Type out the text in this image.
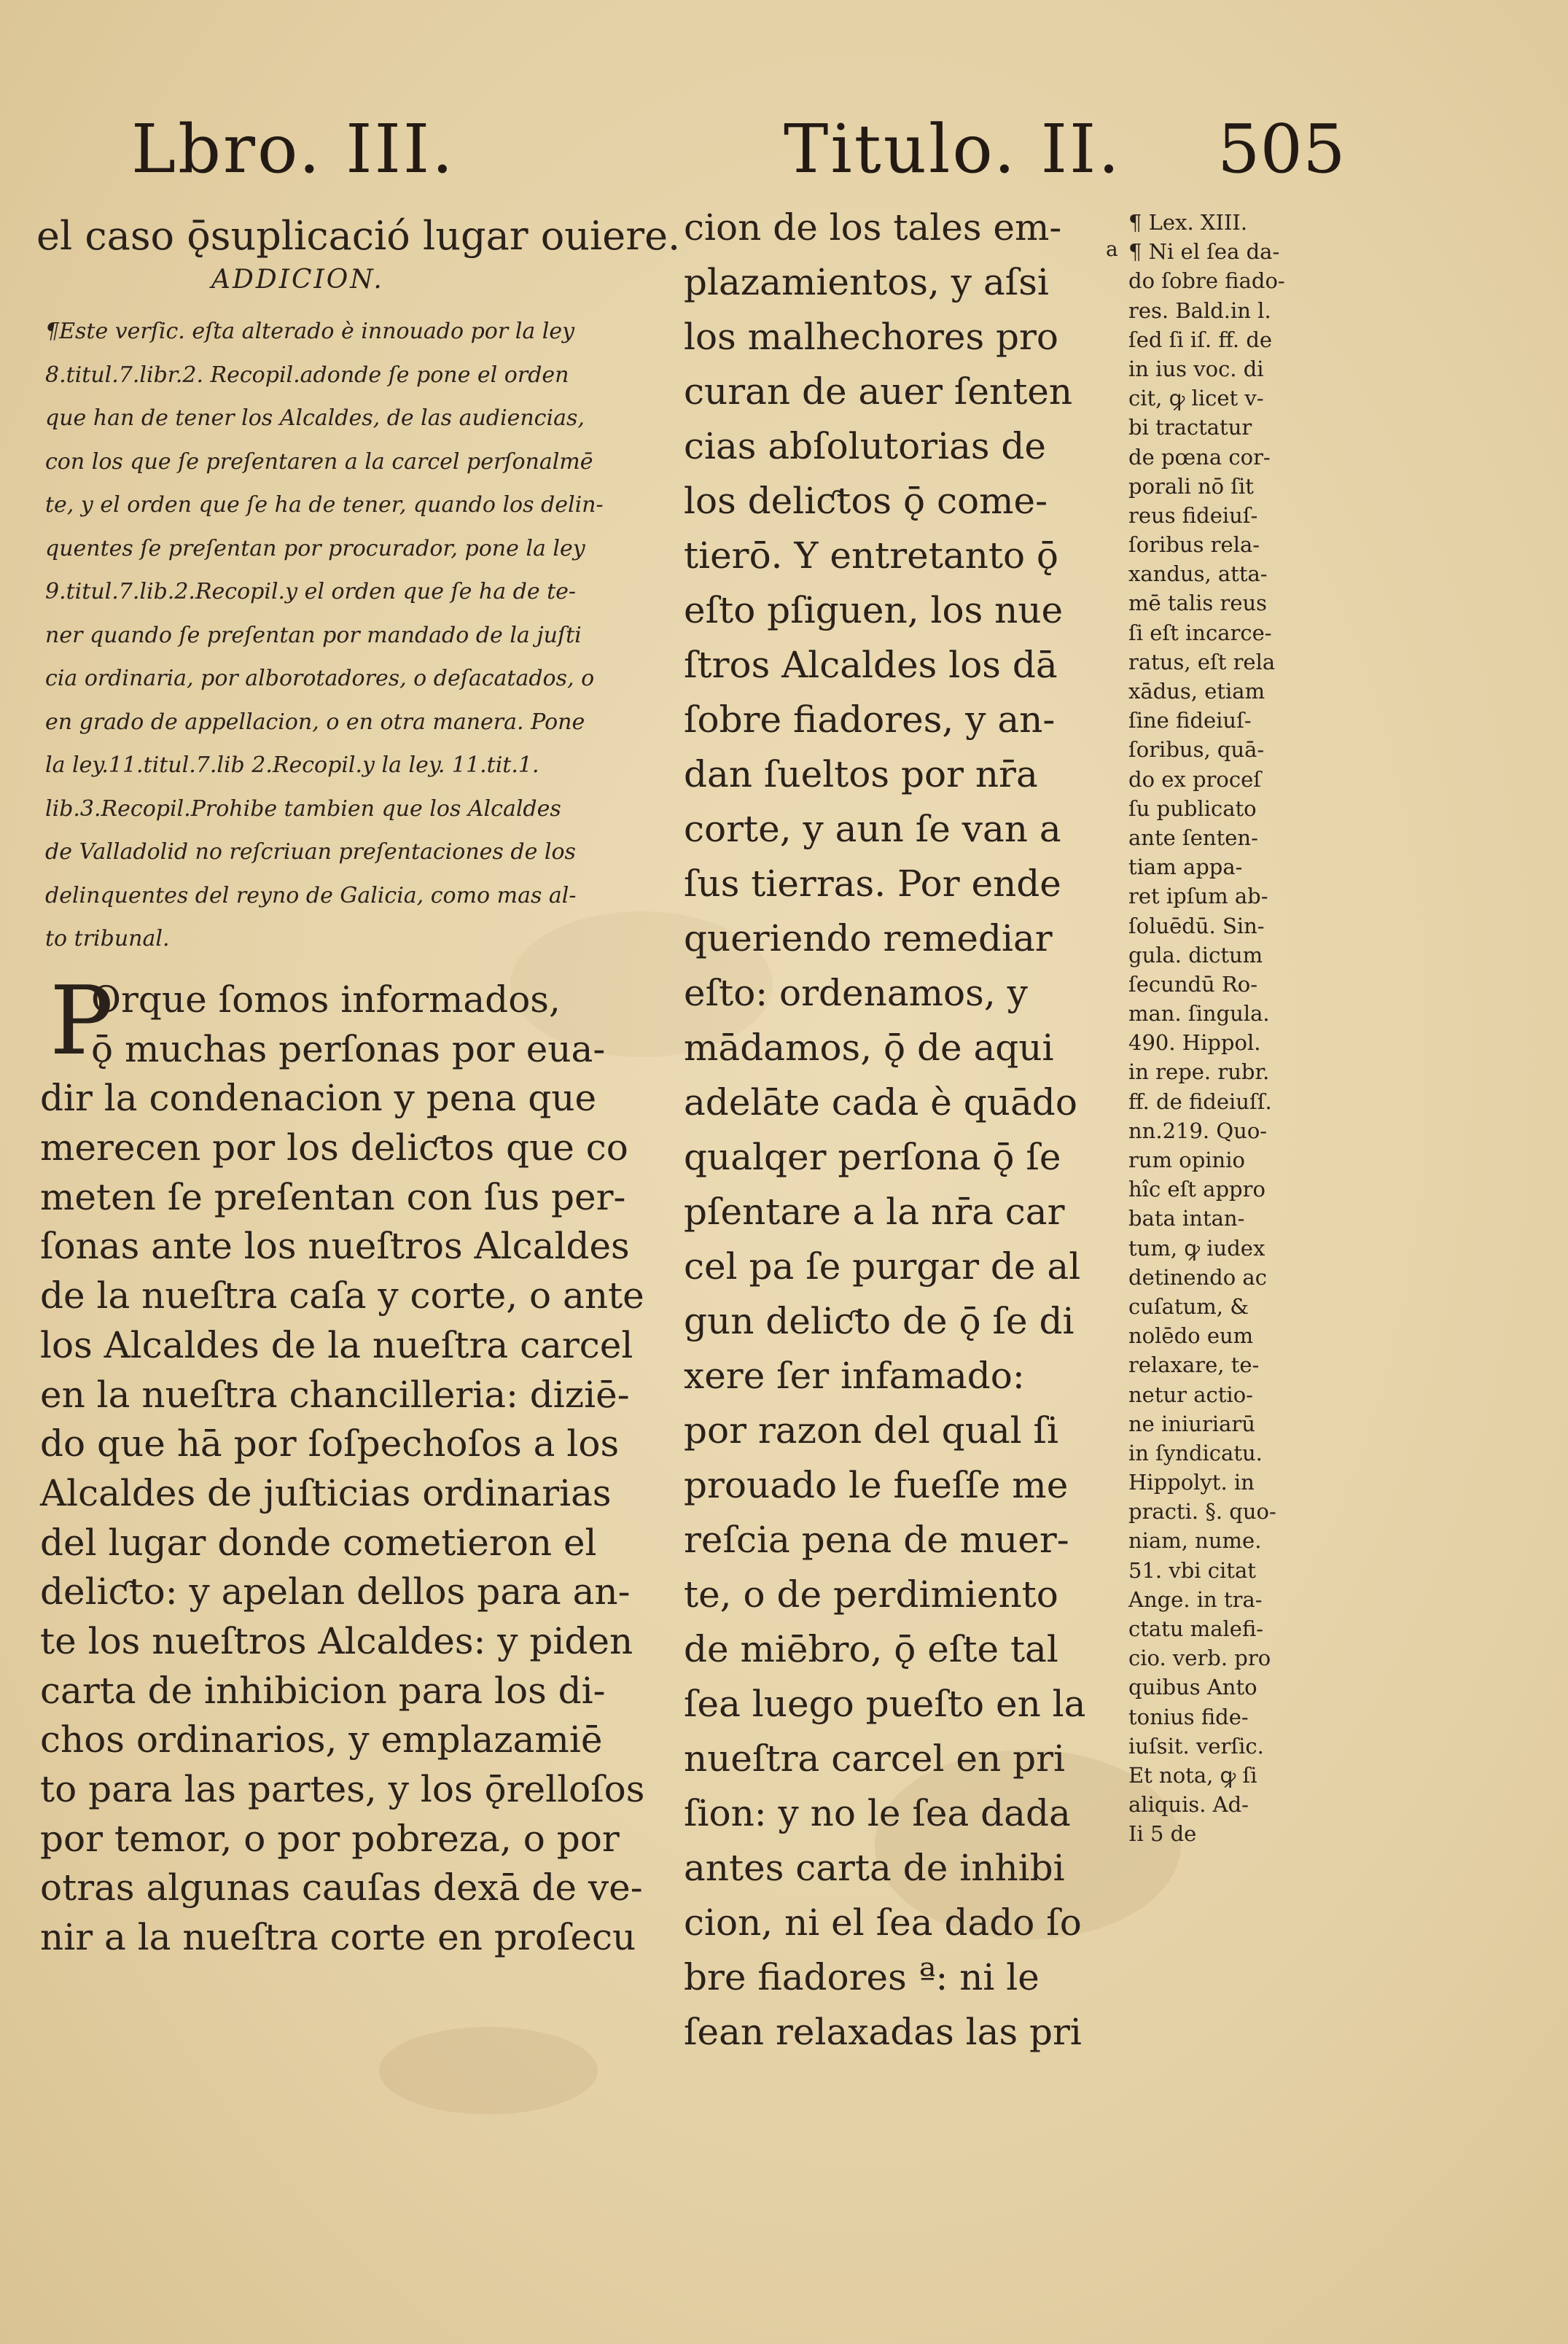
Lbro. III.	Titulo. II. 505
el caso ǭsuplicació lugar ouiere.
ADDICION.
¶Este verſic. eſta alterado è innouado por la ley
8.titul.7.libr.2. Recopil.adonde ſe pone el orden
que han de tener los Alcaldes, de las audiencias,
con los que ſe preſentaren a la carcel perſonalmē
te, y el orden que ſe ha de tener, quando los delin-
quentes ſe preſentan por procurador, pone la ley
9.titul.7.lib.2.Recopil.y el orden que ſe ha de te-
ner quando ſe preſentan por mandado de la juſti
cia ordinaria, por alborotadores, o deſacatados, o
en grado de appellacion, o en otra manera. Pone
la ley.11.titul.7.lib 2.Recopil.y la ley. 11.tit.1.
lib.3.Recopil.Prohibe tambien que los Alcaldes
de Valladolid no reſcriuan preſentaciones de los
delinquentes del reyno de Galicia, como mas al-
to tribunal.
P
Orque ſomos informados,
ǭ muchas perſonas por eua-
dir la condenacion y pena que
merecen por los deliƈtos que co
meten ſe preſentan con ſus per-
ſonas ante los nueſtros Alcaldes
de la nueſtra caſa y corte, o ante
los Alcaldes de la nueſtra carcel
en la nueſtra chancilleria: diziē-
do que hā por ſoſpechoſos a los
Alcaldes de juſticias ordinarias
del lugar donde cometieron el
deliƈto: y apelan dellos para an-
te los nueſtros Alcaldes: y piden
carta de inhibicion para los di-
chos ordinarios, y emplazamiē
to para las partes, y los ǭrelloſos
por temor, o por pobreza, o por
otras algunas cauſas dexā de ve-
nir a la nueſtra corte en proſecu
cion de los tales em-
plazamientos, y aſsi
los malhechores pro
curan de auer ſenten
cias abſolutorias de
los deliƈtos ǭ come-
tierō. Y entretanto ǭ
eſto pſiguen, los nue
ſtros Alcaldes los dā
ſobre fiadores, y an-
dan ſueltos por nr̄a
corte, y aun ſe van a
ſus tierras. Por ende
queriendo remediar
eſto: ordenamos, y
mādamos, ǭ de aqui
adelāte cada è quādo
qualqer perſona ǭ ſe
pſentare a la nr̄a car
cel pa ſe purgar de al
gun deliƈto de ǭ ſe di
xere ſer infamado:
por razon del qual ſi
prouado le fueſſe me
reſcia pena de muer-
te, o de perdimiento
de miēbro, ǭ eſte tal
ſea luego pueſto en la
nueſtra carcel en pri
ſion: y no le ſea dada
antes carta de inhibi
cion, ni el ſea dado ſo
bre fiadores ª: ni le
ſean relaxadas las pri
a
¶ Lex. XIII.
¶ Ni el ſea da-
do ſobre fiado-
res. Bald.in l.
ſed ſi iſ. ff. de
in ius voc. di
cit, ꝙ licet v-
bi tractatur
de pœna cor-
porali nō ſit
reus fideiuſ-
ſoribus rela-
xandus, atta-
mē talis reus
ſi eſt incarce-
ratus, eſt rela
xādus, etiam
ſine fideiuſ-
ſoribus, quā-
do ex proceſ
ſu publicato
ante ſenten-
tiam appa-
ret ipſum ab-
ſoluēdū. Sin-
gula. dictum
ſecundū Ro-
man. ſingula.
490. Hippol.
in repe. rubr.
ff. de fideiuſſ.
nn.219. Quo-
rum opinio
hîc eſt appro
bata intan-
tum, ꝙ iudex
detinendo ac
cuſatum, &
nolēdo eum
relaxare, te-
netur actio-
ne iniuriarū
in ſyndicatu.
Hippolyt. in
practi. §. quo-
niam, nume.
51. vbi citat
Ange. in tra-
ctatu malefi-
cio. verb. pro
quibus Anto
tonius fide-
iuſsit. verſic.
Et nota, ꝙ ſi
aliquis. Ad-
Ii 5 de
